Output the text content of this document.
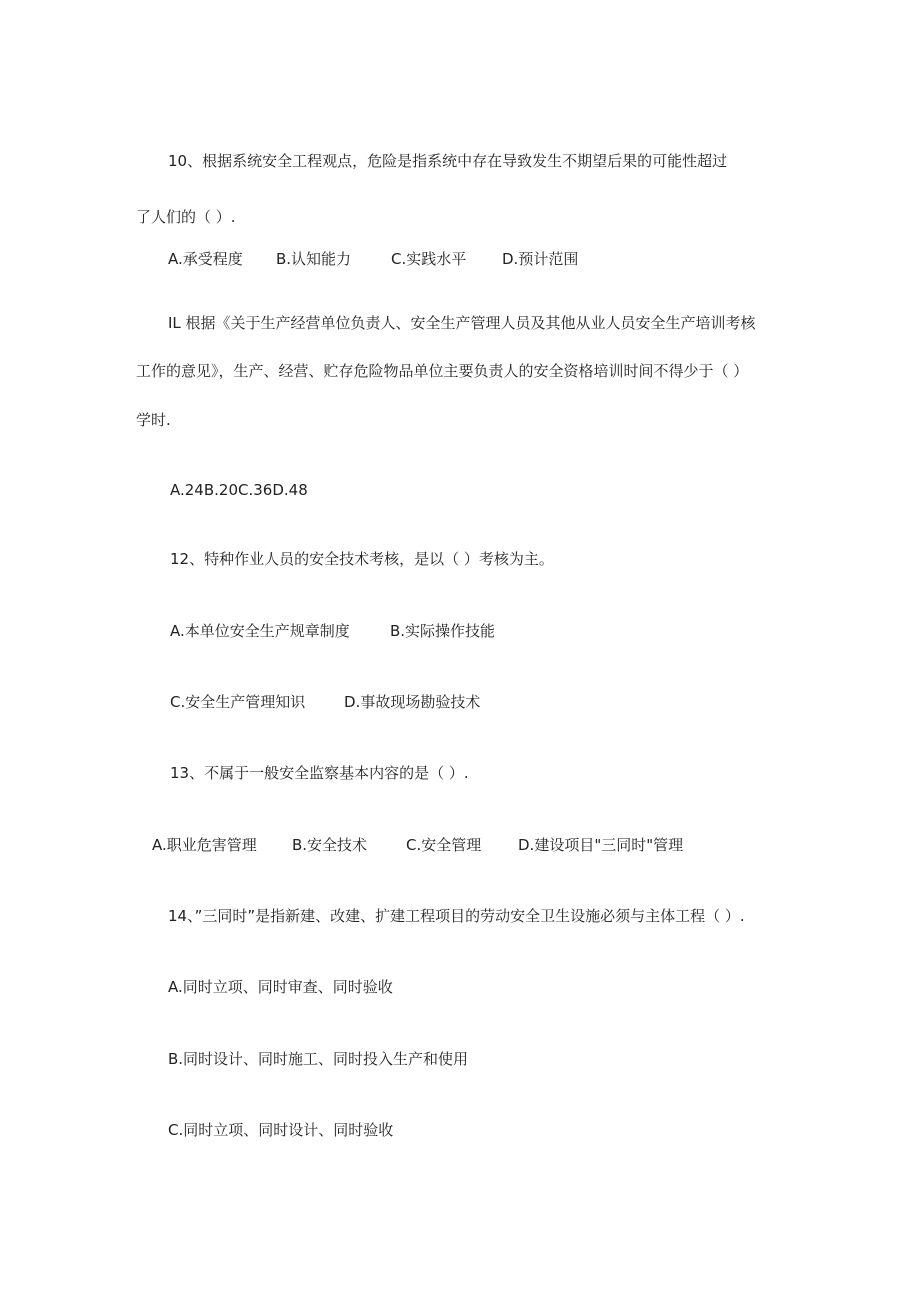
10、根据系统安全工程观点，危险是指系统中存在导致发生不期望后果的可能性超过
了人们的（ ）.
A.承受程度 B.认知能力	C.实践水平 D.预计范围
IL 根据《关于生产经营单位负责人、安全生产管理人员及其他从业人员安全生产培训考核
工作的意见》，生产、经营、贮存危险物品单位主要负责人的安全资格培训时间不得少于（ ）
学时.
A.24B.20C.36D.48
12、特种作业人员的安全技术考核，是以（ ）考核为主。
A.本单位安全生产规章制度	B.实际操作技能
C.安全生产管理知识	D.事故现场勘验技术
13、不属于一般安全监察基本内容的是（ ）.
A.职业危害管理 B.安全技术	C.安全管理 D.建设项目"三同时"管理
14、”三同时”是指新建、改建、扩建工程项目的劳动安全卫生设施必须与主体工程（ ）.
A.同时立项、同时审查、同时验收
B.同时设计、同时施工、同时投入生产和使用
C.同时立项、同时设计、同时验收
